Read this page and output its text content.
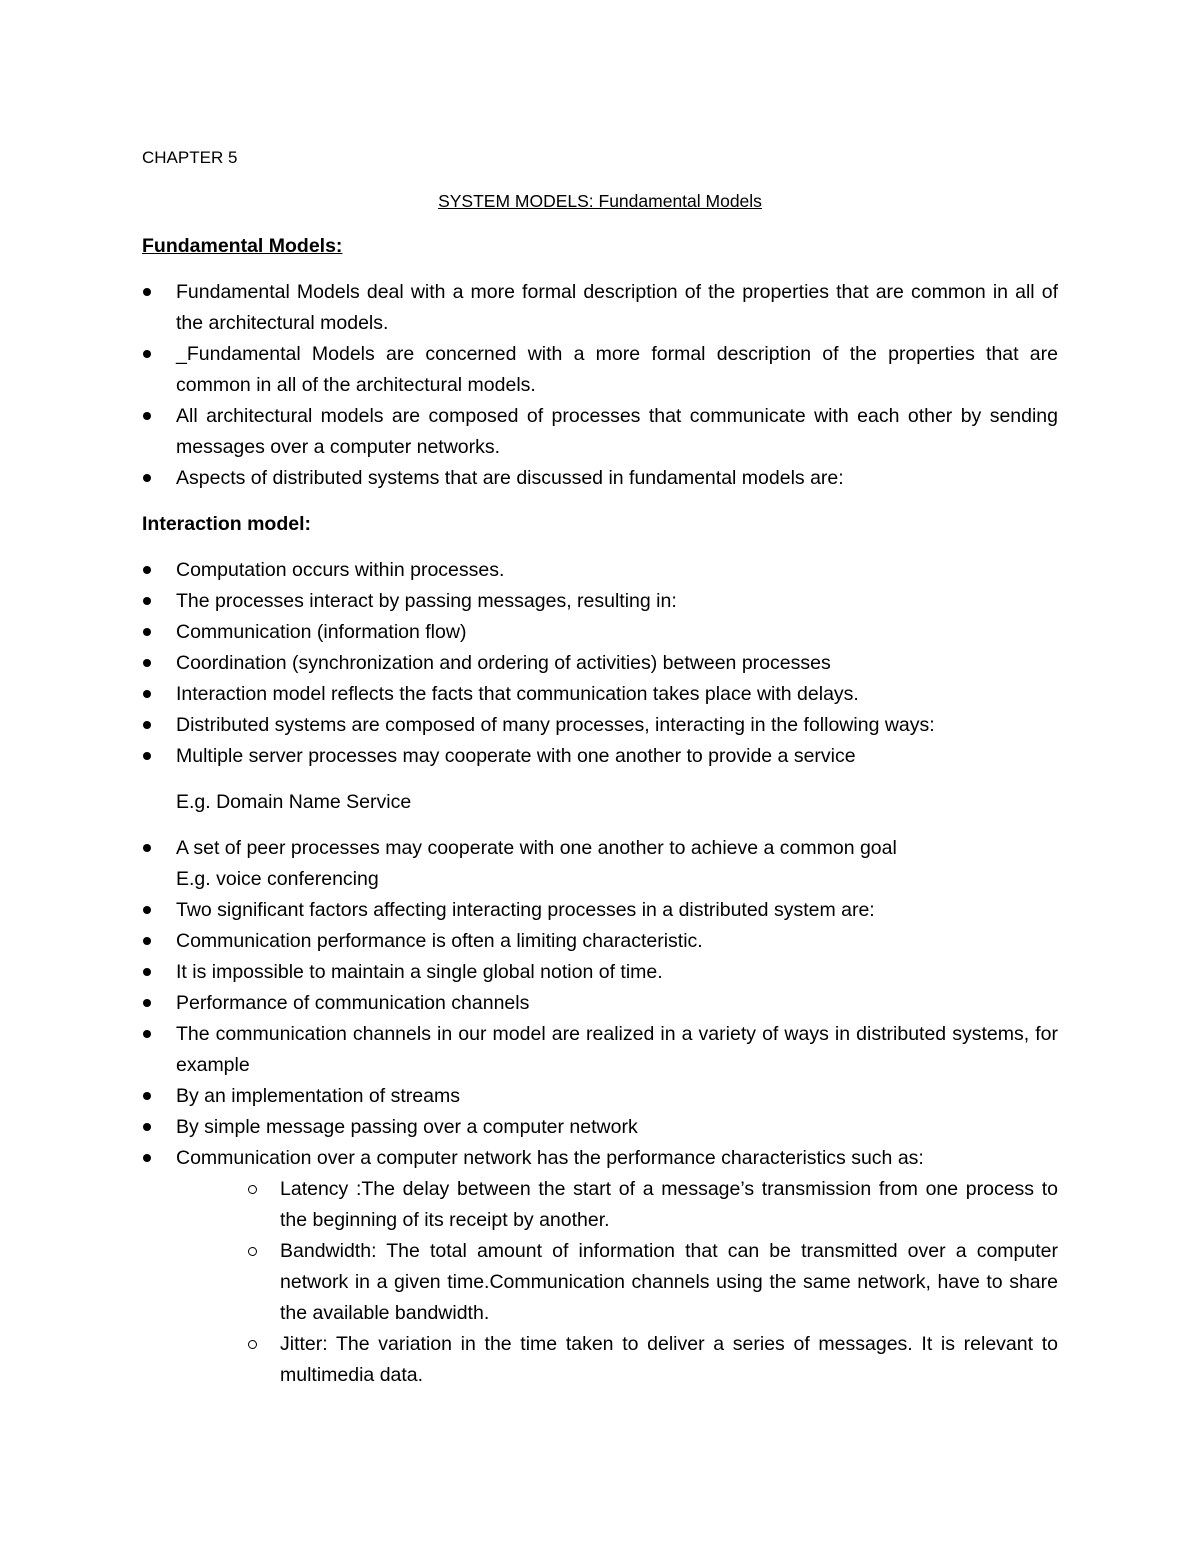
CHAPTER 5

SYSTEM MODELS: Fundamental Models

Fundamental Models:

Fundamental Models deal with a more formal description of the properties that are common in all of the architectural models.
_Fundamental Models are concerned with a more formal description of the properties that are common in all of the architectural models.
All architectural models are composed of processes that communicate with each other by sending messages over a computer networks.
Aspects of distributed systems that are discussed in fundamental models are:

Interaction model:

Computation occurs within processes.
The processes interact by passing messages, resulting in:
Communication (information flow)
Coordination (synchronization and ordering of activities) between processes
Interaction model reflects the facts that communication takes place with delays.
Distributed systems are composed of many processes, interacting in the following ways:
Multiple server processes may cooperate with one another to provide a service

E.g. Domain Name Service

A set of peer processes may cooperate with one another to achieve a common goal
E.g. voice conferencing
Two significant factors affecting interacting processes in a distributed system are:
Communication performance is often a limiting characteristic.
It is impossible to maintain a single global notion of time.
Performance of communication channels
The communication channels in our model are realized in a variety of ways in distributed systems, for example
By an implementation of streams
By simple message passing over a computer network
Communication over a computer network has the performance characteristics such as:
Latency :The delay between the start of a message’s transmission from one process to the beginning of its receipt by another.
Bandwidth: The total amount of information that can be transmitted over a computer network in a given time.Communication channels using the same network, have to share the available bandwidth.
Jitter: The variation in the time taken to deliver a series of messages. It is relevant to multimedia data.
